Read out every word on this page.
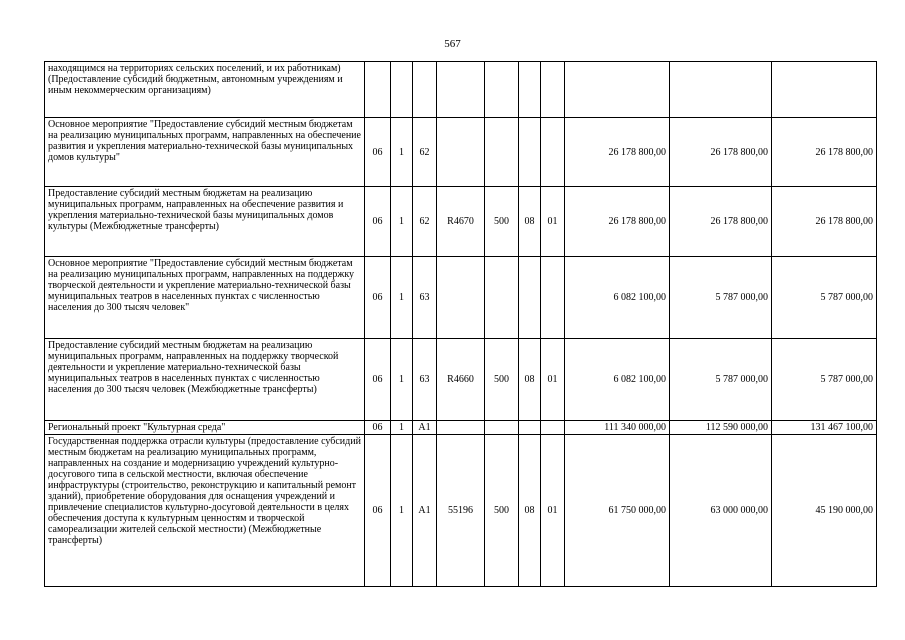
567
находящимся на территориях сельских поселений, и их работникам) (Предоставление субсидий бюджетным, автономным учреждениям и иным некоммерческим организациям)										
Основное мероприятие "Предоставление субсидий местным бюджетам на реализацию муниципальных программ, направленных на обеспечение развития и укрепления материально-технической базы муниципальных домов культуры"	06	1	62					26 178 800,00	26 178 800,00	26 178 800,00
Предоставление субсидий местным бюджетам на реализацию муниципальных программ, направленных на обеспечение развития и укрепления материально-технической базы муниципальных домов культуры (Межбюджетные трансферты)	06	1	62	R4670	500	08	01	26 178 800,00	26 178 800,00	26 178 800,00
Основное мероприятие "Предоставление субсидий местным бюджетам на реализацию муниципальных программ, направленных на поддержку творческой деятельности и укрепление материально-технической базы муниципальных театров в населенных пунктах с численностью населения до 300 тысяч человек"	06	1	63					6 082 100,00	5 787 000,00	5 787 000,00
Предоставление субсидий местным бюджетам на реализацию муниципальных программ, направленных на поддержку творческой деятельности и укрепление материально-технической базы муниципальных театров в населенных пунктах с численностью населения до 300 тысяч человек (Межбюджетные трансферты)	06	1	63	R4660	500	08	01	6 082 100,00	5 787 000,00	5 787 000,00
Региональный проект "Культурная среда"	06	1	A1					111 340 000,00	112 590 000,00	131 467 100,00
Государственная поддержка отрасли культуры (предоставление субсидий местным бюджетам на реализацию муниципальных программ, направленных на создание и модернизацию учреждений культурно-досугового типа в сельской местности, включая обеспечение инфраструктуры (строительство, реконструкцию и капитальный ремонт зданий), приобретение оборудования для оснащения учреждений и привлечение специалистов культурно-досуговой деятельности в целях обеспечения доступа к культурным ценностям и творческой самореализации жителей сельской местности) (Межбюджетные трансферты)	06	1	A1	55196	500	08	01	61 750 000,00	63 000 000,00	45 190 000,00
